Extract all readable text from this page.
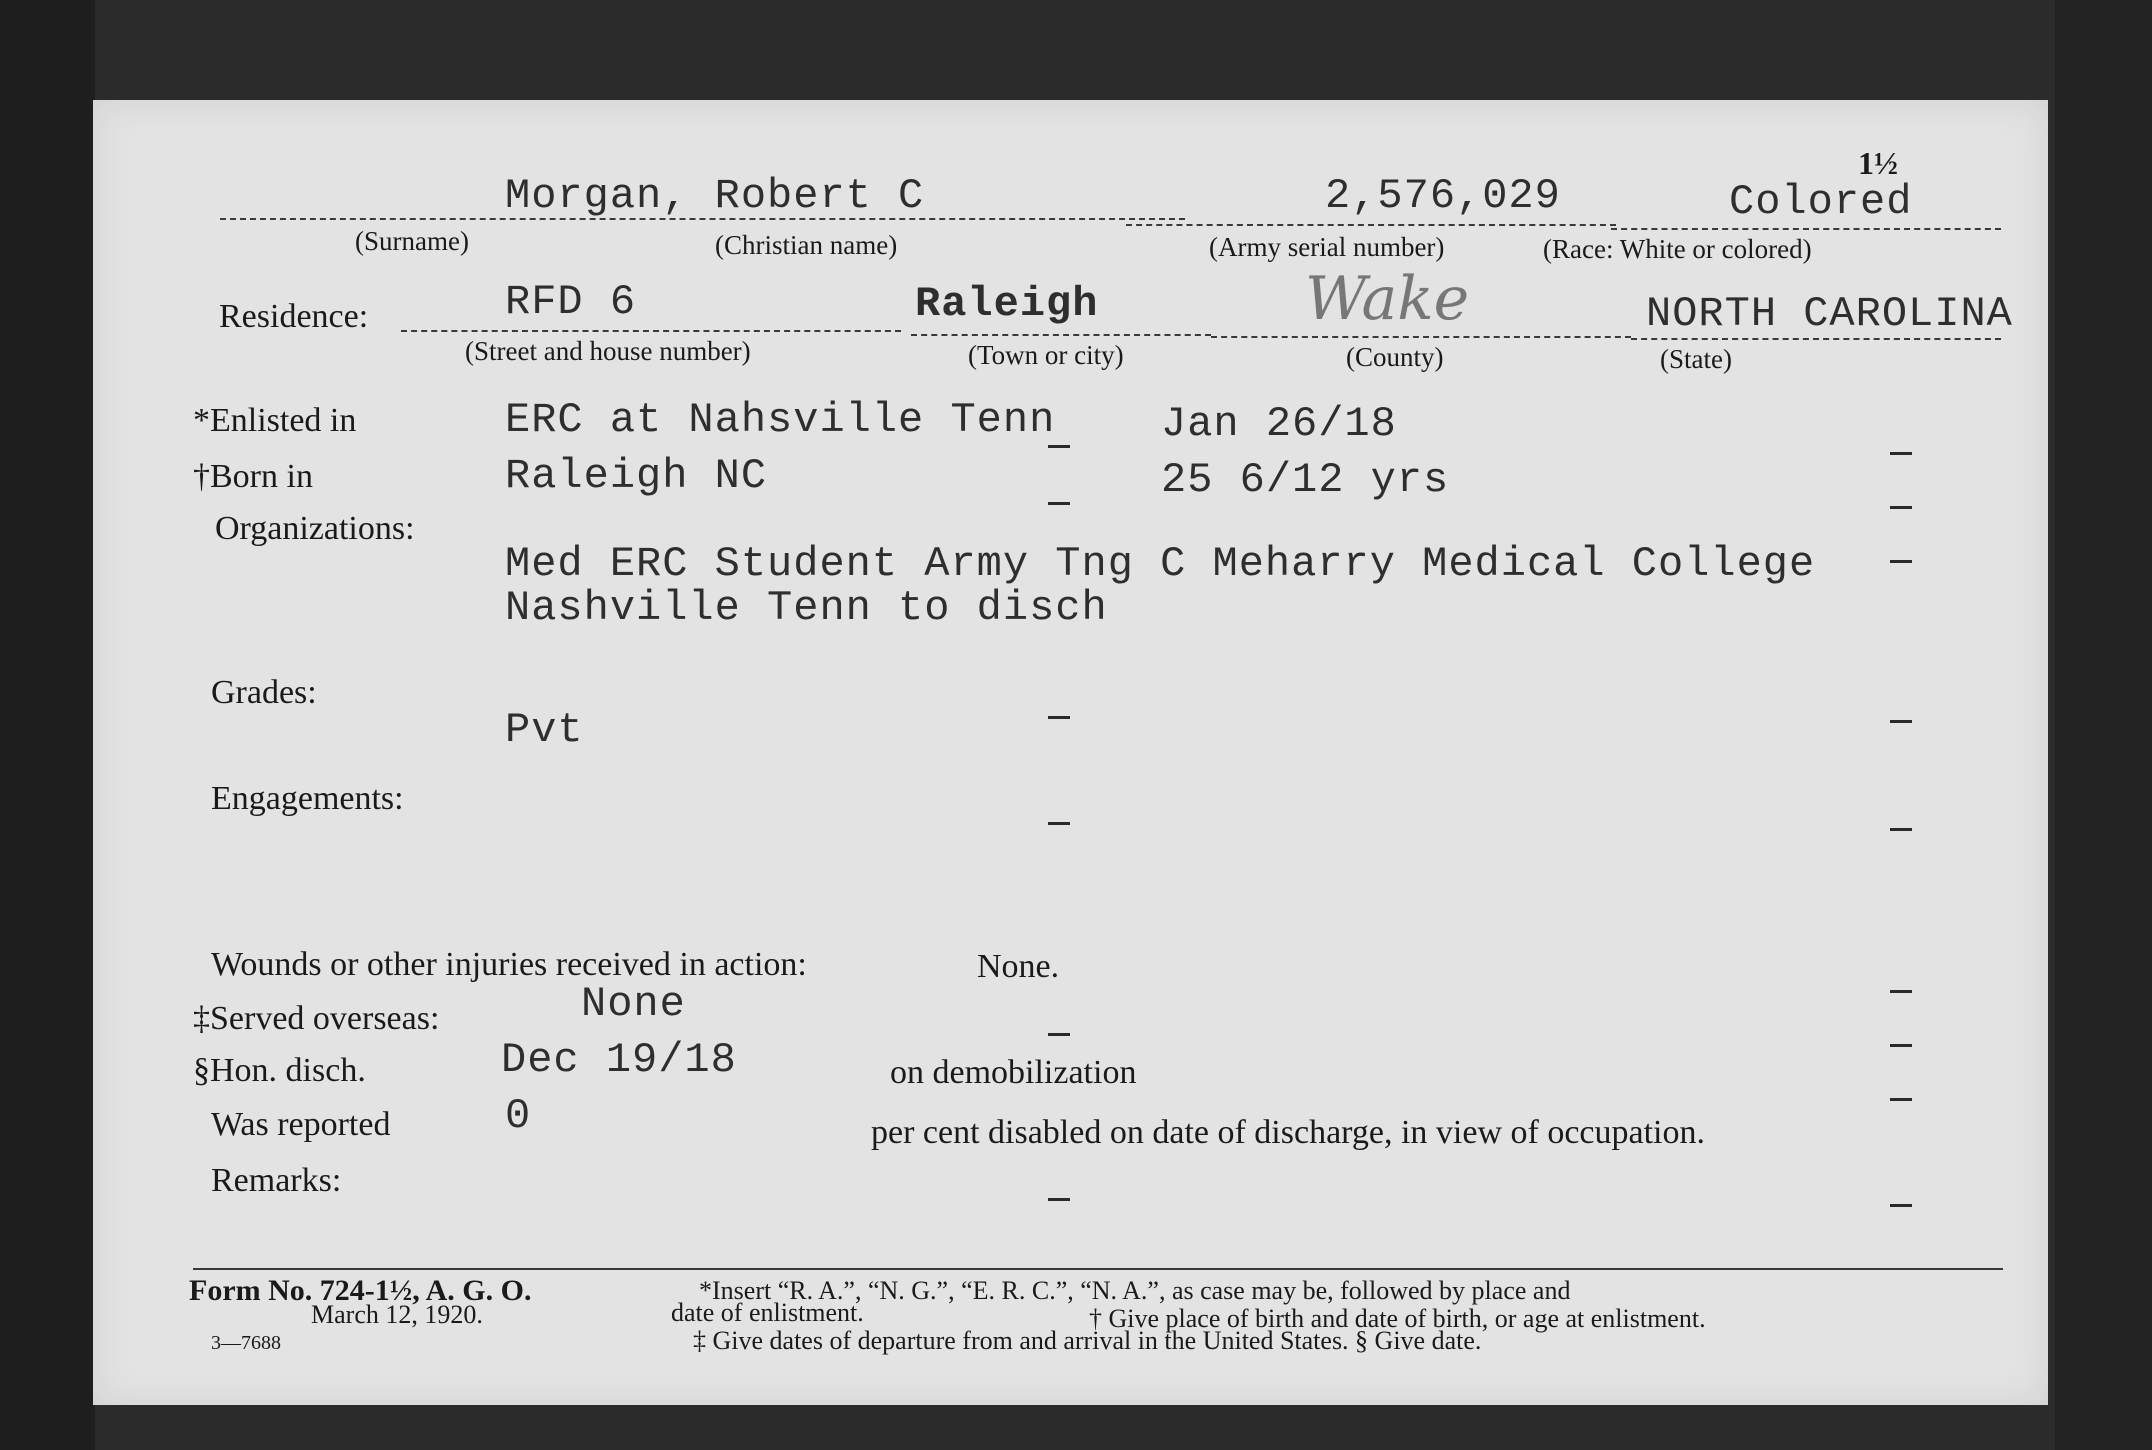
1½
Morgan, Robert C	2,576,029	Colored
(Surname)	(Christian name)	(Army serial number)	(Race: White or colored)
Residence:	RFD 6	Raleigh	Wake	NORTH CAROLINA
(Street and house number)	(Town or city)	(County)	(State)
*Enlisted in	ERC at Nahsville Tenn	Jan 26/18
†Born in	Raleigh NC	25 6/12 yrs
Organizations:
Med ERC Student Army Tng C Meharry Medical College
Nashville Tenn to disch
Grades:
Pvt
Engagements:
Wounds or other injuries received in action:	None.
‡Served overseas:	None
§Hon. disch.	Dec 19/18	on demobilization
Was reported	0	per cent disabled on date of discharge, in view of occupation.
Remarks:
Form No. 724-1½, A. G. O.
March 12, 1920.
3—7688
*Insert “R. A.”, “N. G.”, “E. R. C.”, “N. A.”, as case may be, followed by place and
date of enlistment.	† Give place of birth and date of birth, or age at enlistment.
‡ Give dates of departure from and arrival in the United States. § Give date.
